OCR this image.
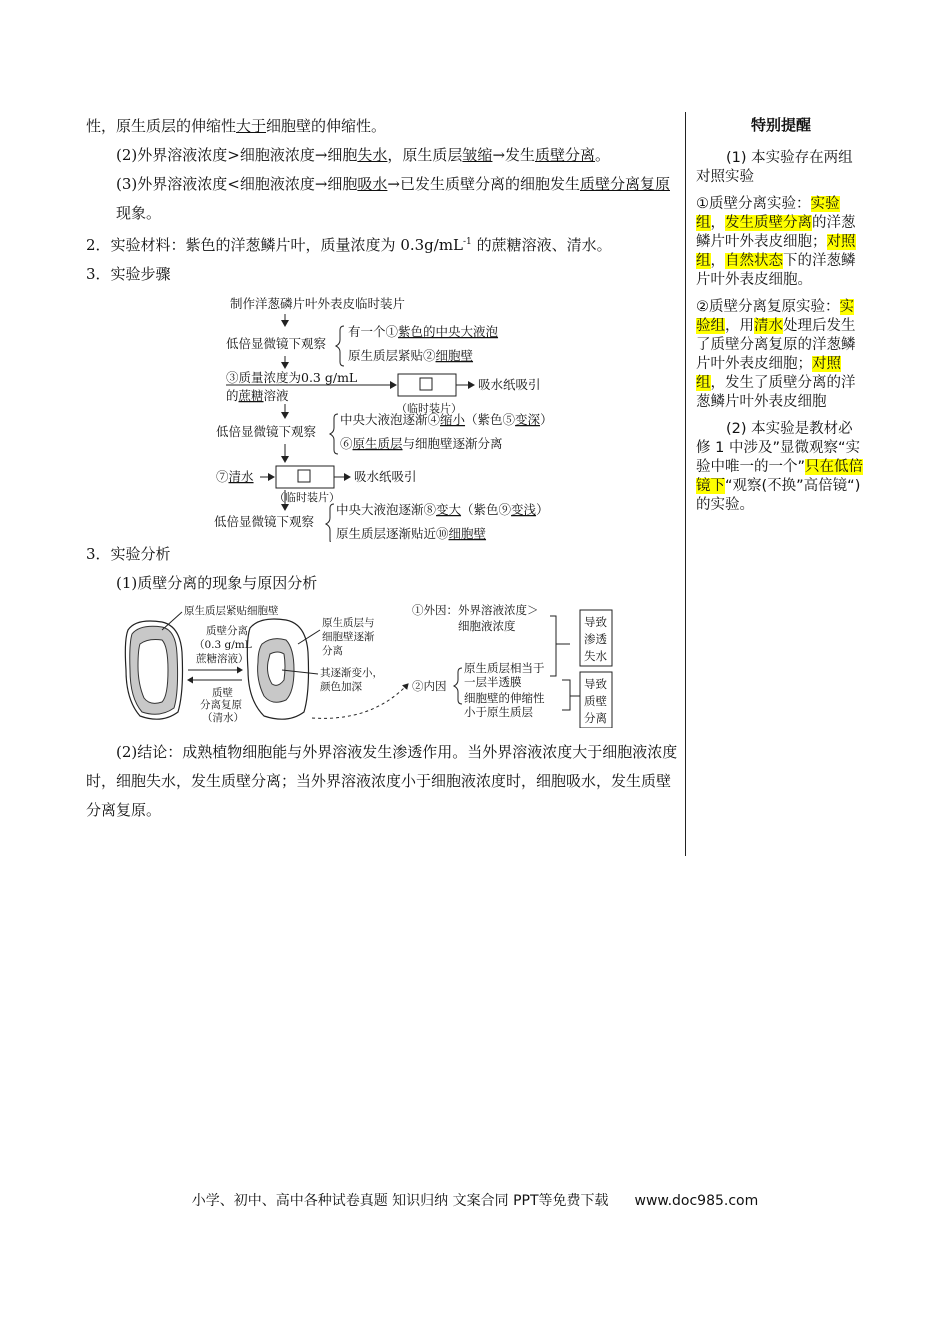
性，原生质层的伸缩性大于细胞壁的伸缩性。

(2)外界溶液浓度>细胞液浓度→细胞失水，原生质层皱缩→发生质壁分离。

(3)外界溶液浓度<细胞液浓度→细胞吸水→已发生质壁分离的细胞发生质壁分离复原现象。

2．实验材料：紫色的洋葱鳞片叶，质量浓度为 $0.3g/mL^{-1}$ 的蔗糖溶液、清水。

3．实验步骤

制作洋葱磷片叶外表皮临时装片
低倍显微镜下观察
有一个①紫色的中央大液泡
原生质层紧贴②细胞壁
③质量浓度为0.3 g/mL
的蔗糖溶液
吸水纸吸引
（临时装片）
低倍显微镜下观察
中央大液泡逐渐④缩小（紫色⑤变深）
⑥原生质层与细胞壁逐渐分离
⑦清水	吸水纸吸引
（临时装片）
低倍显微镜下观察
中央大液泡逐渐⑧变大（紫色⑨变浅）
原生质层逐渐贴近⑩细胞壁

3．实验分析

(1)质壁分离的现象与原因分析

原生质层紧贴细胞壁
质壁分离
（0.3 g/mL
蔗糖溶液）
质壁
分离复原
（清水）
原生质层与
细胞壁逐渐
分离
其逐渐变小，
颜色加深
①外因：外界溶液浓度＞
细胞液浓度
②内因
原生质层相当于
一层半透膜
细胞壁的伸缩性
小于原生质层
导致
渗透
失水
导致
质壁
分离

(2)结论：成熟植物细胞能与外界溶液发生渗透作用。当外界溶液浓度大于细胞液浓度时，细胞失水，发生质壁分离；当外界溶液浓度小于细胞液浓度时，细胞吸水，发生质壁分离复原。

特别提醒

(1) 本实验存在两组对照实验

①质壁分离实验：实验组，发生质壁分离的洋葱鳞片叶外表皮细胞；对照组，自然状态下的洋葱鳞片叶外表皮细胞。

②质壁分离复原实验：实验组，用清水处理后发生了质壁分离复原的洋葱鳞片叶外表皮细胞；对照组，发生了质壁分离的洋葱鳞片叶外表皮细胞

(2) 本实验是教材必修 1 中涉及”显微观察“实验中唯一的一个”只在低倍镜下“观察(不换”高倍镜“)的实验。

小学、初中、高中各种试卷真题 知识归纳 文案合同 PPT等免费下载 www.doc985.com
